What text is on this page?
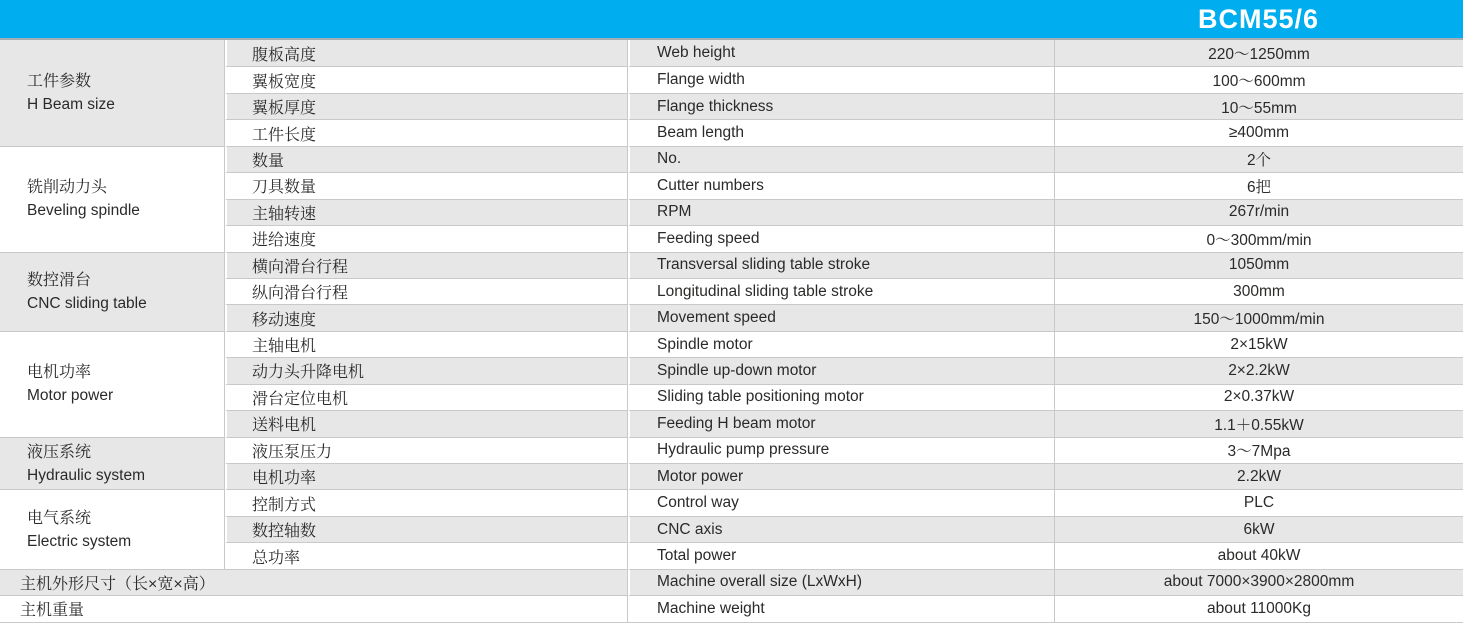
BCM55/6
工件参数
H Beam size
腹板高度	Web height	220～1250mm
翼板宽度	Flange width	100～600mm
翼板厚度	Flange thickness	10～55mm
工件长度	Beam length	≥400mm
铣削动力头
Beveling spindle
数量	No.	2个
刀具数量	Cutter numbers	6把
主轴转速	RPM	267r/min
进给速度	Feeding speed	0～300mm/min
数控滑台
CNC sliding table
横向滑台行程	Transversal sliding table stroke	1050mm
纵向滑台行程	Longitudinal sliding table stroke	300mm
移动速度	Movement speed	150～1000mm/min
电机功率
Motor power
主轴电机	Spindle motor	2×15kW
动力头升降电机	Spindle up-down motor	2×2.2kW
滑台定位电机	Sliding table positioning motor	2×0.37kW
送料电机	Feeding H beam motor	1.1＋0.55kW
液压系统
Hydraulic system
液压泵压力	Hydraulic pump pressure	3～7Mpa
电机功率	Motor power	2.2kW
电气系统
Electric system
控制方式	Control way	PLC
数控轴数	CNC axis	6kW
总功率	Total power	about 40kW
主机外形尺寸（长×宽×高）	Machine overall size (LxWxH)	about 7000×3900×2800mm
主机重量	Machine weight	about 11000Kg
